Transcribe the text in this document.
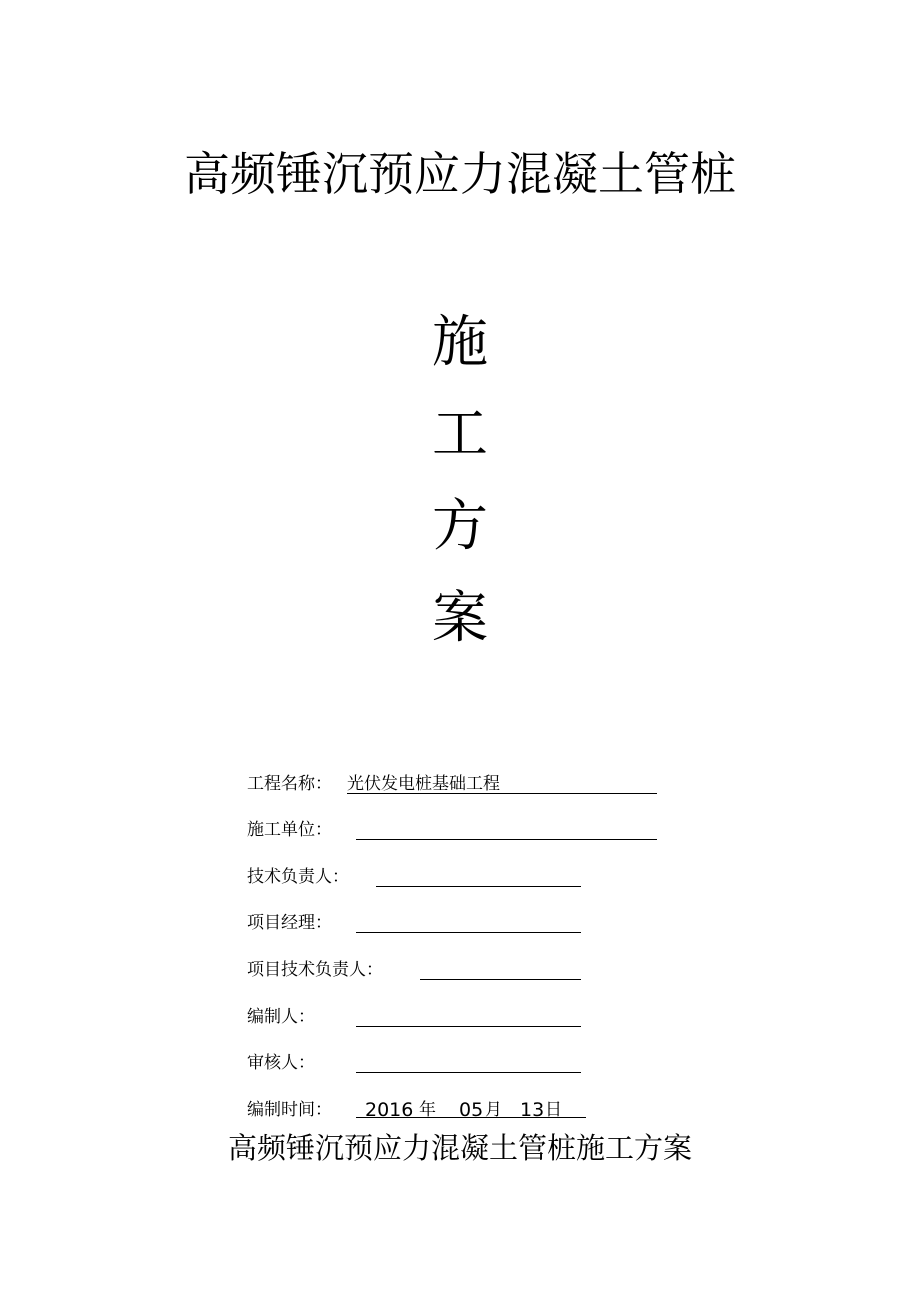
高频锤沉预应力混凝土管桩
施
工
方
案
工程名称： 光伏发电桩基础工程
施工单位：
技术负责人：
项目经理：
项目技术负责人：
编制人：
审核人：
编制时间： 2016 年 05 月 13 日
高频锤沉预应力混凝土管桩施工方案
